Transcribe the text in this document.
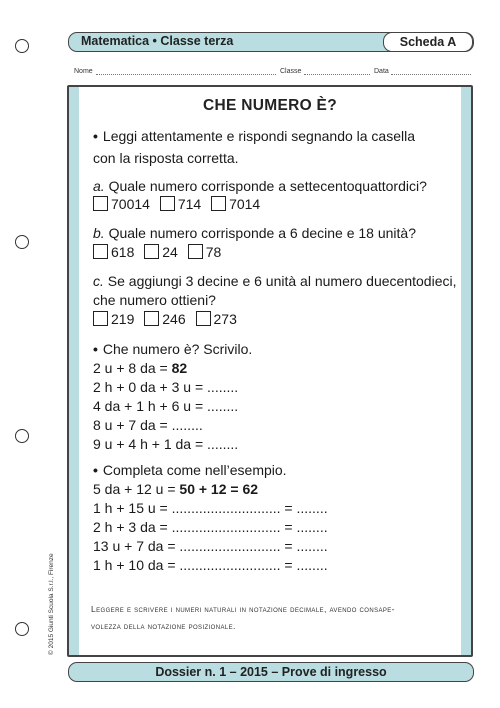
Matematica • Classe terza	Scheda A
Nome	Classe	Data
CHE NUMERO È?
• Leggi attentamente e rispondi segnando la casella
con la risposta corretta.
a. Quale numero corrisponde a settecentoquattordici?
70014 714 7014
b. Quale numero corrisponde a 6 decine e 18 unità?
618 24 78
c. Se aggiungi 3 decine e 6 unità al numero duecentodieci,
che numero ottieni?
219 246 273
• Che numero è? Scrivilo.
2 u + 8 da = 82
2 h + 0 da + 3 u = ........
4 da + 1 h + 6 u = ........
8 u + 7 da = ........
9 u + 4 h + 1 da = ........
• Completa come nell’esempio.
5 da + 12 u = 50 + 12 = 62
1 h + 15 u = ............................ = ........
2 h + 3 da = ............................ = ........
13 u + 7 da = .......................... = ........
1 h + 10 da = .......................... = ........
Leggere e scrivere i numeri naturali in notazione decimale, avendo consape-
volezza della notazione posizionale.
© 2015 Giunti Scuola S.r.l., Firenze
Dossier n. 1 – 2015 – Prove di ingresso
